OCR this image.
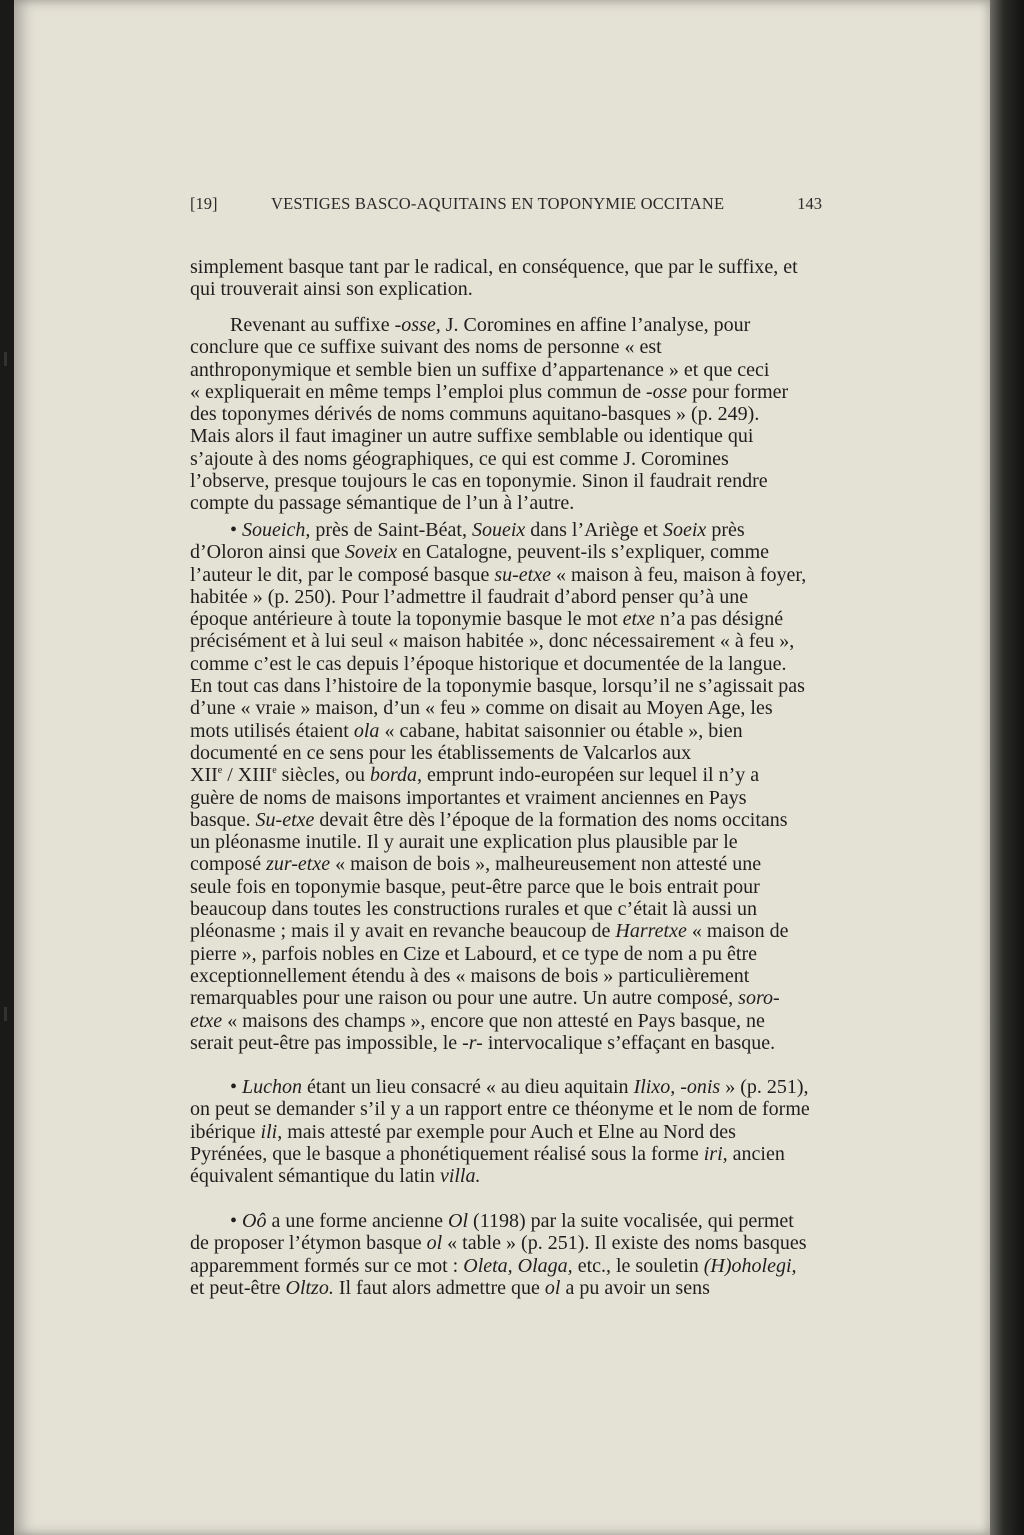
[19]	VESTIGES BASCO-AQUITAINS EN TOPONYMIE OCCITANE	143
simplement basque tant par le radical, en conséquence, que par le suffixe, et
qui trouverait ainsi son explication.
Revenant au suffixe -osse, J. Coromines en affine l’analyse, pour
conclure que ce suffixe suivant des noms de personne « est
anthroponymique et semble bien un suffixe d’appartenance » et que ceci
« expliquerait en même temps l’emploi plus commun de -osse pour former
des toponymes dérivés de noms communs aquitano-basques » (p. 249).
Mais alors il faut imaginer un autre suffixe semblable ou identique qui
s’ajoute à des noms géographiques, ce qui est comme J. Coromines
l’observe, presque toujours le cas en toponymie. Sinon il faudrait rendre
compte du passage sémantique de l’un à l’autre.
• Soueich, près de Saint-Béat, Soueix dans l’Ariège et Soeix près
d’Oloron ainsi que Soveix en Catalogne, peuvent-ils s’expliquer, comme
l’auteur le dit, par le composé basque su-etxe « maison à feu, maison à foyer,
habitée » (p. 250). Pour l’admettre il faudrait d’abord penser qu’à une
époque antérieure à toute la toponymie basque le mot etxe n’a pas désigné
précisément et à lui seul « maison habitée », donc nécessairement « à feu »,
comme c’est le cas depuis l’époque historique et documentée de la langue.
En tout cas dans l’histoire de la toponymie basque, lorsqu’il ne s’agissait pas
d’une « vraie » maison, d’un « feu » comme on disait au Moyen Age, les
mots utilisés étaient ola « cabane, habitat saisonnier ou étable », bien
documenté en ce sens pour les établissements de Valcarlos aux
XIIe / XIIIe siècles, ou borda, emprunt indo-européen sur lequel il n’y a
guère de noms de maisons importantes et vraiment anciennes en Pays
basque. Su-etxe devait être dès l’époque de la formation des noms occitans
un pléonasme inutile. Il y aurait une explication plus plausible par le
composé zur-etxe « maison de bois », malheureusement non attesté une
seule fois en toponymie basque, peut-être parce que le bois entrait pour
beaucoup dans toutes les constructions rurales et que c’était là aussi un
pléonasme ; mais il y avait en revanche beaucoup de Harretxe « maison de
pierre », parfois nobles en Cize et Labourd, et ce type de nom a pu être
exceptionnellement étendu à des « maisons de bois » particulièrement
remarquables pour une raison ou pour une autre. Un autre composé, soro-
etxe « maisons des champs », encore que non attesté en Pays basque, ne
serait peut-être pas impossible, le -r- intervocalique s’effaçant en basque.
• Luchon étant un lieu consacré « au dieu aquitain Ilixo, -onis » (p. 251),
on peut se demander s’il y a un rapport entre ce théonyme et le nom de forme
ibérique ili, mais attesté par exemple pour Auch et Elne au Nord des
Pyrénées, que le basque a phonétiquement réalisé sous la forme iri, ancien
équivalent sémantique du latin villa.
• Oô a une forme ancienne Ol (1198) par la suite vocalisée, qui permet
de proposer l’étymon basque ol « table » (p. 251). Il existe des noms basques
apparemment formés sur ce mot : Oleta, Olaga, etc., le souletin (H)oholegi,
et peut-être Oltzo. Il faut alors admettre que ol a pu avoir un sens
